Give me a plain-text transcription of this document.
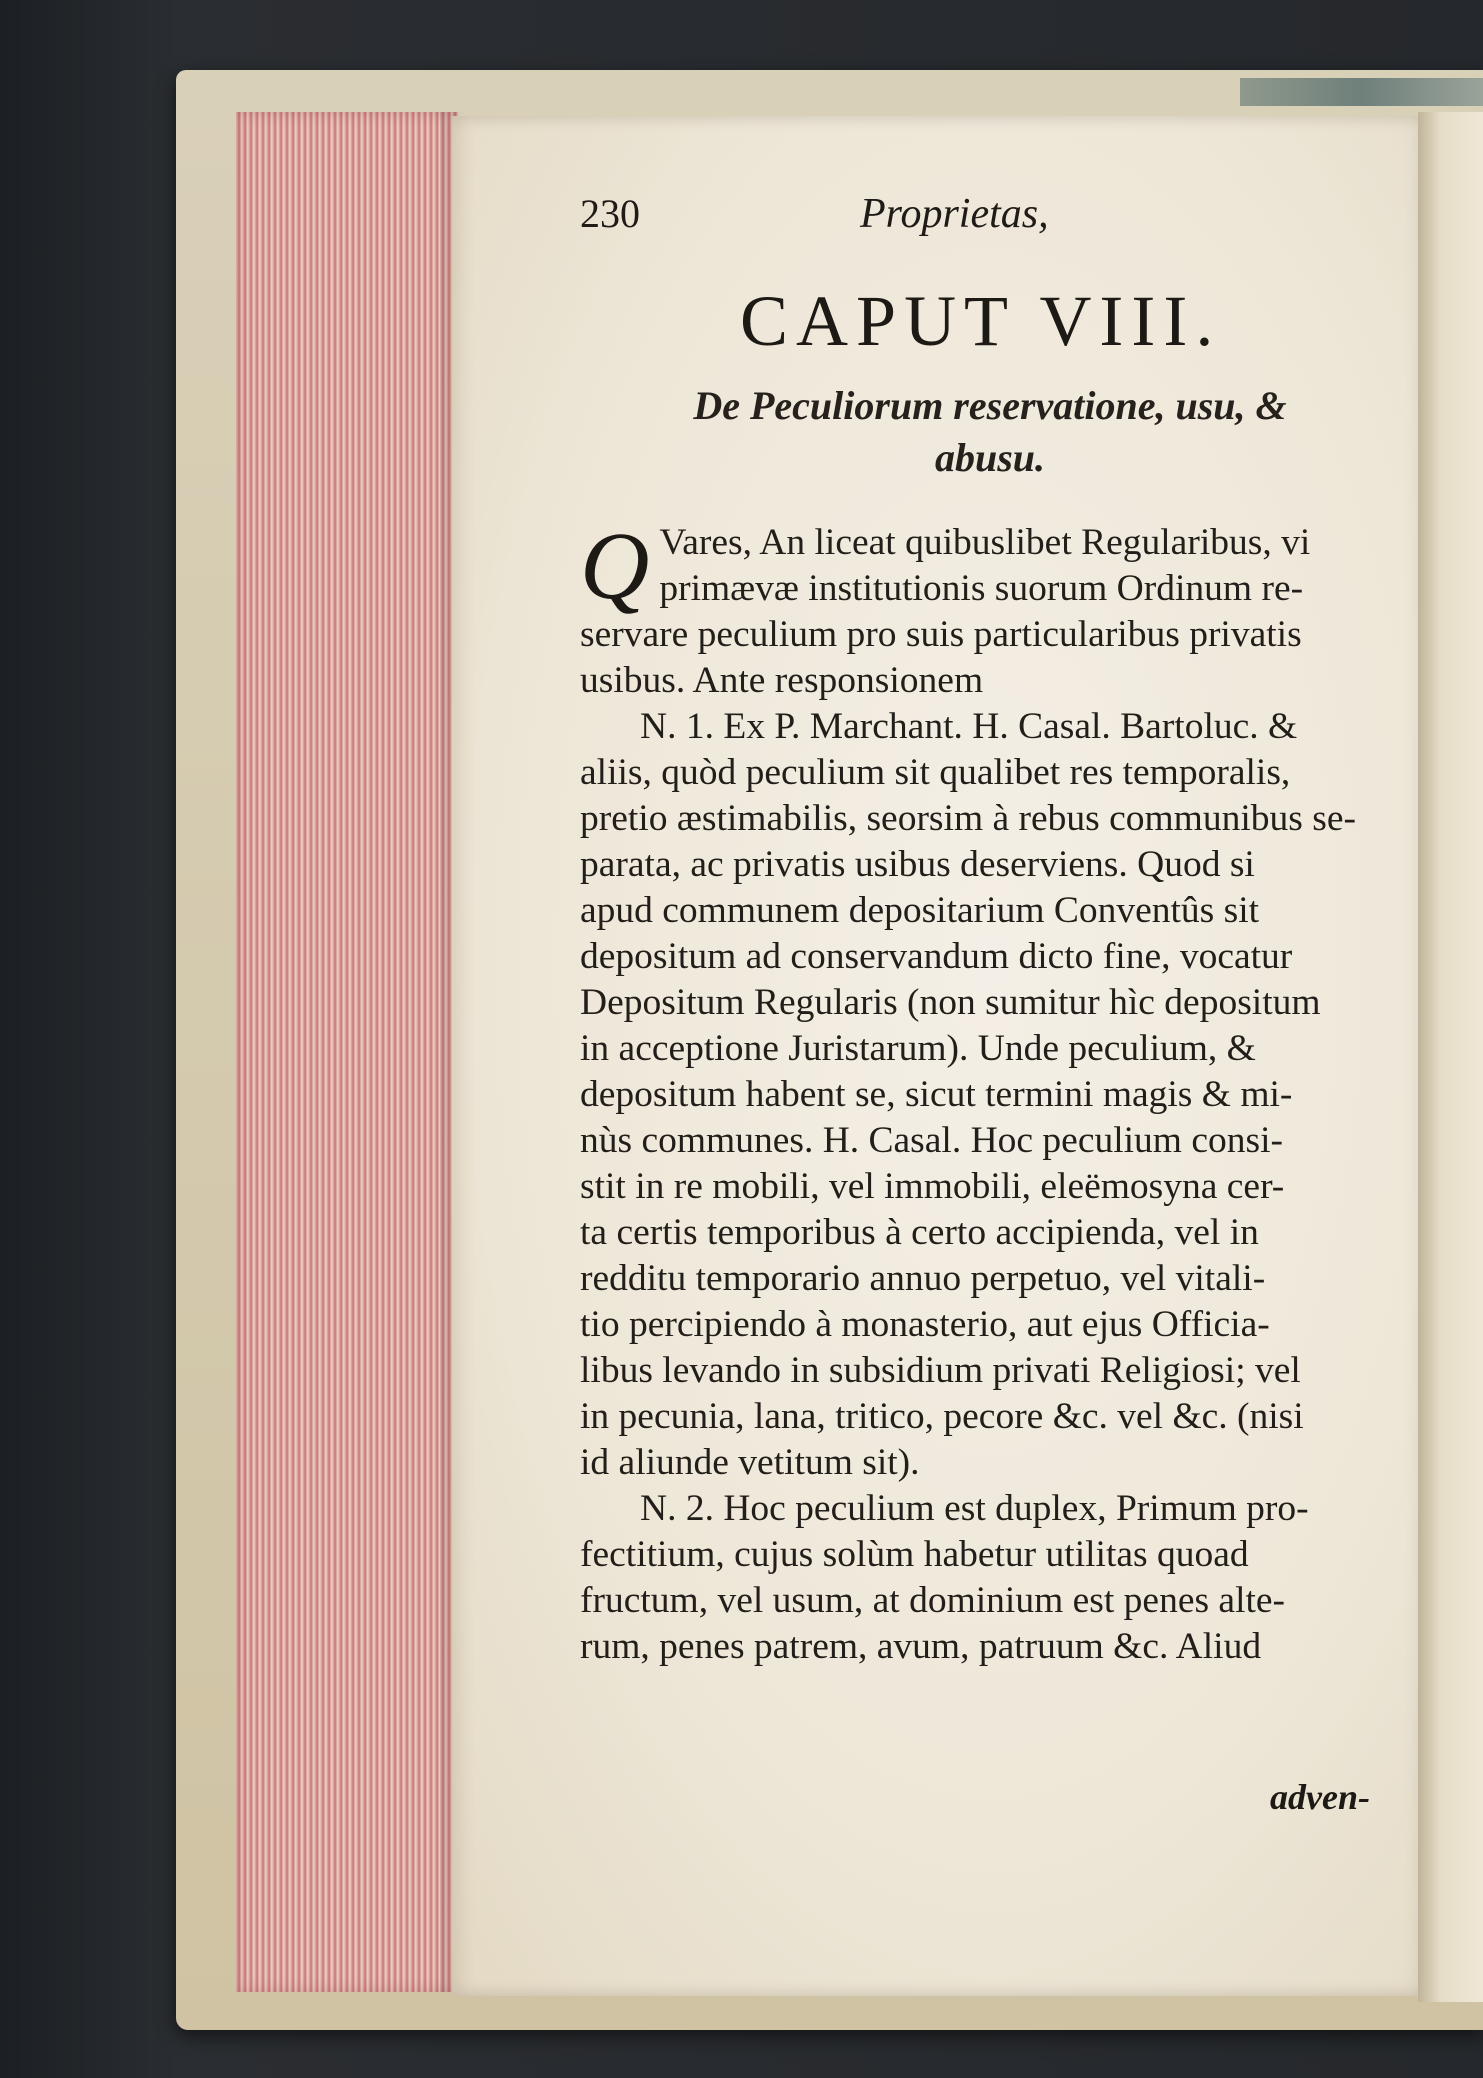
230	Proprietas,
CAPUT VIII.
De Peculiorum reservatione, usu, &
abusu.
Q Vares, An liceat quibuslibet Regularibus, vi
primævæ institutionis suorum Ordinum re-
servare peculium pro suis particularibus privatis
usibus. Ante responsionem
N. 1. Ex P. Marchant. H. Casal. Bartoluc. &
aliis, quòd peculium sit qualibet res temporalis,
pretio æstimabilis, seorsim à rebus communibus se-
parata, ac privatis usibus deserviens. Quod si
apud communem depositarium Conventûs sit
depositum ad conservandum dicto fine, vocatur
Depositum Regularis (non sumitur hìc depositum
in acceptione Juristarum). Unde peculium, &
depositum habent se, sicut termini magis & mi-
nùs communes. H. Casal. Hoc peculium consi-
stit in re mobili, vel immobili, eleëmosyna cer-
ta certis temporibus à certo accipienda, vel in
redditu temporario annuo perpetuo, vel vitali-
tio percipiendo à monasterio, aut ejus Officia-
libus levando in subsidium privati Religiosi; vel
in pecunia, lana, tritico, pecore &c. vel &c. (nisi
id aliunde vetitum sit).
N. 2. Hoc peculium est duplex, Primum pro-
fectitium, cujus solùm habetur utilitas quoad
fructum, vel usum, at dominium est penes alte-
rum, penes patrem, avum, patruum &c. Aliud
adven-
